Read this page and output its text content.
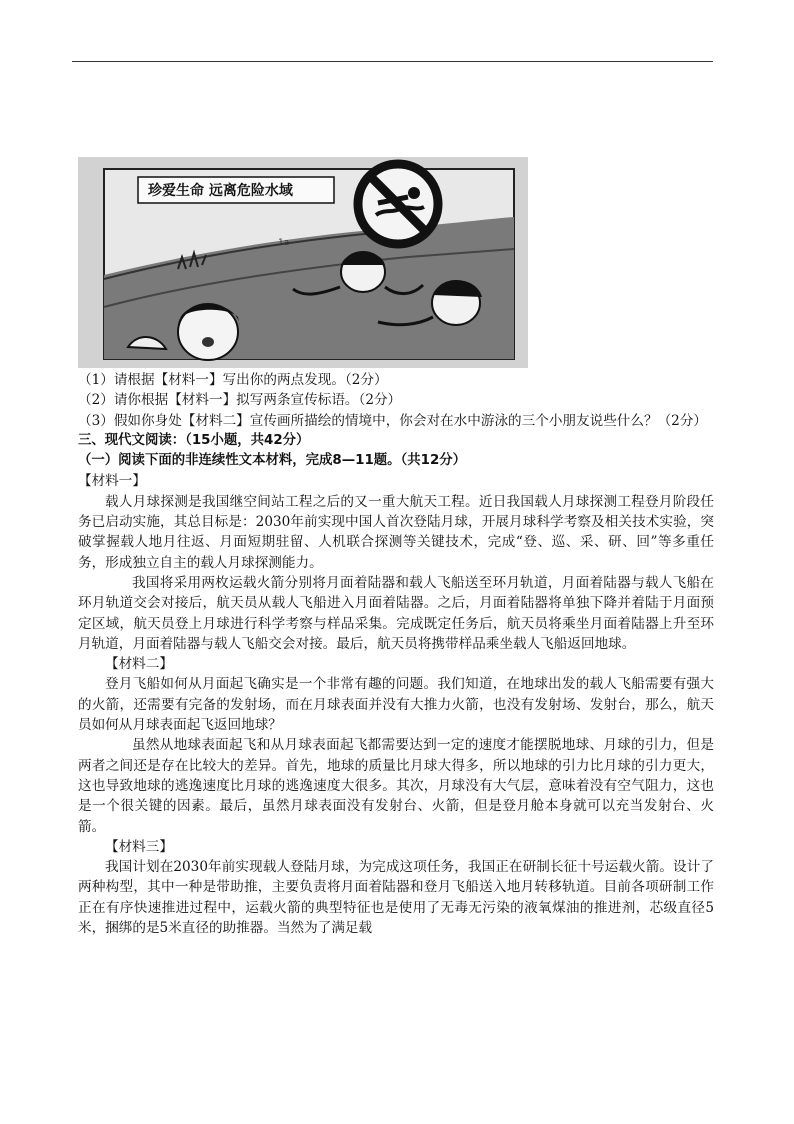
珍爱生命 远离危险水域
1a

（1）请根据【材料一】写出你的两点发现。（2分）

（2）请你根据【材料一】拟写两条宣传标语。（2分）

（3）假如你身处【材料二】宣传画所描绘的情境中，你会对在水中游泳的三个小朋友说些什么？（2分）

三、现代文阅读：（15小题，共42分）

（一）阅读下面的非连续性文本材料，完成8—11题。（共12分）

【材料一】

载人月球探测是我国继空间站工程之后的又一重大航天工程。近日我国载人月球探测工程登月阶段任务已启动实施，其总目标是：2030年前实现中国人首次登陆月球，开展月球科学考察及相关技术实验，突破掌握载人地月往返、月面短期驻留、人机联合探测等关键技术，完成“登、巡、采、研、回”等多重任务，形成独立自主的载人月球探测能力。

我国将采用两枚运载火箭分别将月面着陆器和载人飞船送至环月轨道，月面着陆器与载人飞船在环月轨道交会对接后，航天员从载人飞船进入月面着陆器。之后，月面着陆器将单独下降并着陆于月面预定区域，航天员登上月球进行科学考察与样品采集。完成既定任务后，航天员将乘坐月面着陆器上升至环月轨道，月面着陆器与载人飞船交会对接。最后，航天员将携带样品乘坐载人飞船返回地球。

【材料二】

登月飞船如何从月面起飞确实是一个非常有趣的问题。我们知道，在地球出发的载人飞船需要有强大的火箭，还需要有完备的发射场，而在月球表面并没有大推力火箭，也没有发射场、发射台，那么，航天员如何从月球表面起飞返回地球？

虽然从地球表面起飞和从月球表面起飞都需要达到一定的速度才能摆脱地球、月球的引力，但是两者之间还是存在比较大的差异。首先，地球的质量比月球大得多，所以地球的引力比月球的引力更大，这也导致地球的逃逸速度比月球的逃逸速度大很多。其次，月球没有大气层，意味着没有空气阻力，这也是一个很关键的因素。最后，虽然月球表面没有发射台、火箭，但是登月舱本身就可以充当发射台、火箭。

【材料三】

我国计划在2030年前实现载人登陆月球，为完成这项任务，我国正在研制长征十号运载火箭。设计了两种构型，其中一种是带助推，主要负责将月面着陆器和登月飞船送入地月转移轨道。目前各项研制工作正在有序快速推进过程中，运载火箭的典型特征也是使用了无毒无污染的液氧煤油的推进剂，芯级直径5米，捆绑的是5米直径的助推器。当然为了满足载
